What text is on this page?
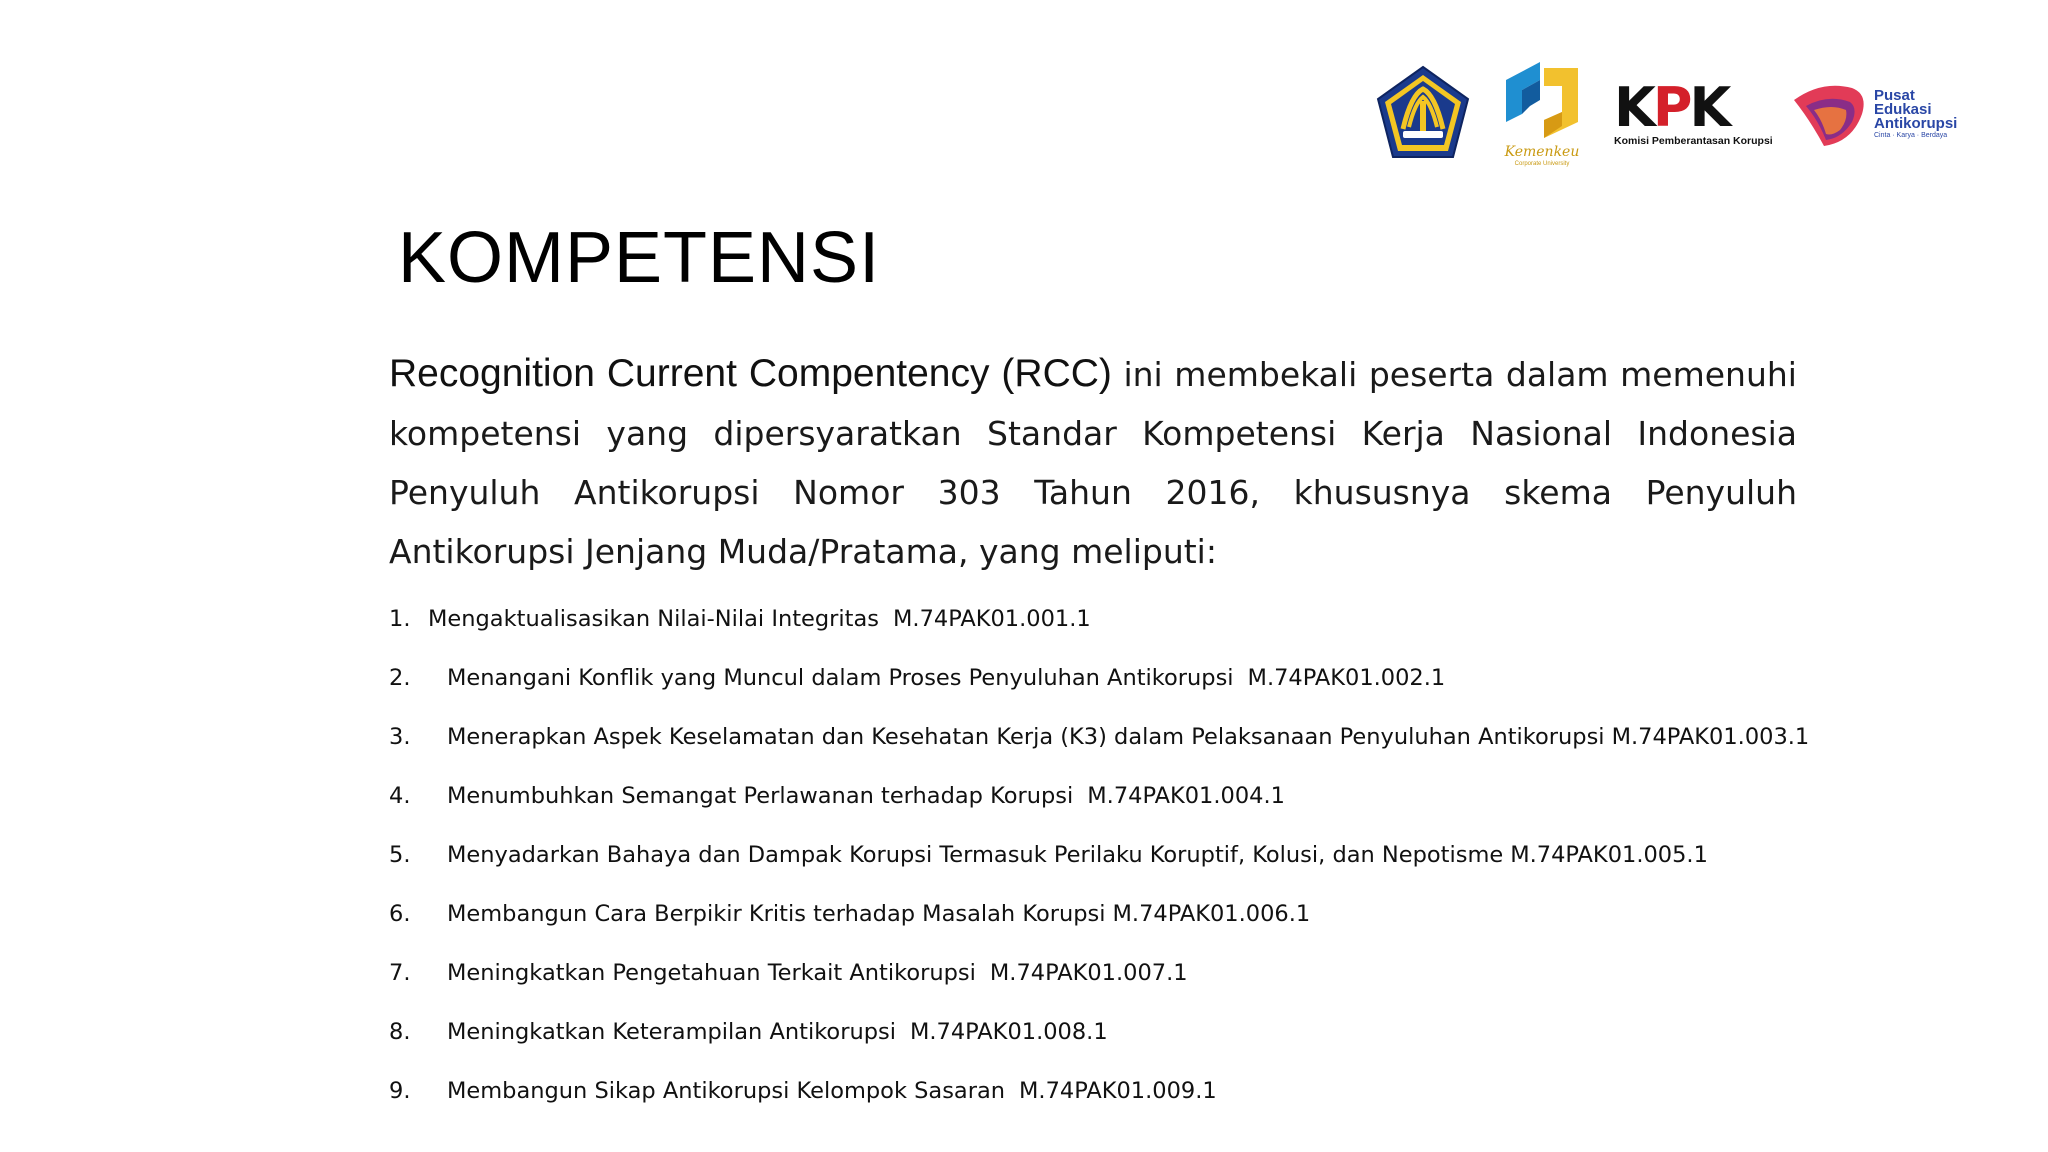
Kemenkeu
Corporate University
KPK
Komisi Pemberantasan Korupsi
Pusat
Edukasi
Antikorupsi
Cinta · Karya · Berdaya
KOMPETENSI

Recognition Current Compentency (RCC) ini membekali peserta dalam memenuhi kompetensi yang dipersyaratkan Standar Kompetensi Kerja Nasional Indonesia Penyuluh Antikorupsi Nomor 303 Tahun 2016, khususnya skema Penyuluh Antikorupsi Jenjang Muda/Pratama, yang meliputi:

1. Mengaktualisasikan Nilai-Nilai Integritas M.74PAK01.001.1
2.	Menangani Konflik yang Muncul dalam Proses Penyuluhan Antikorupsi M.74PAK01.002.1
3.	Menerapkan Aspek Keselamatan dan Kesehatan Kerja (K3) dalam Pelaksanaan Penyuluhan Antikorupsi M.74PAK01.003.1
4.	Menumbuhkan Semangat Perlawanan terhadap Korupsi M.74PAK01.004.1
5.	Menyadarkan Bahaya dan Dampak Korupsi Termasuk Perilaku Koruptif, Kolusi, dan Nepotisme M.74PAK01.005.1
6.	Membangun Cara Berpikir Kritis terhadap Masalah Korupsi M.74PAK01.006.1
7.	Meningkatkan Pengetahuan Terkait Antikorupsi M.74PAK01.007.1
8.	Meningkatkan Keterampilan Antikorupsi M.74PAK01.008.1
9.	Membangun Sikap Antikorupsi Kelompok Sasaran M.74PAK01.009.1
